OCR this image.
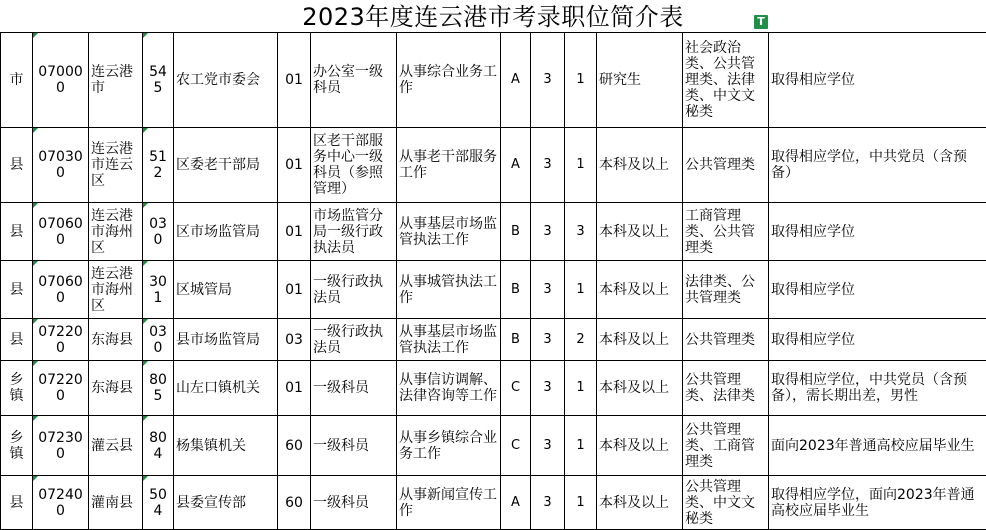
2023年度连云港市考录职位简介表	T
市	070000	连云港市	545	农工党市委会	01	办公室一级科员	从事综合业务工作	A	3	1	研究生	社会政治类、公共管理类、法律类、中文文秘类	取得相应学位
县	070300	连云港市连云区	512	区委老干部局	01	区老干部服务中心一级科员（参照管理）	从事老干部服务工作	A	3	1	本科及以上	公共管理类	取得相应学位，中共党员（含预备）
县	070600	连云港市海州区	030	区市场监管局	01	市场监管分局一级行政执法员	从事基层市场监管执法工作	B	3	3	本科及以上	工商管理类、公共管理类	取得相应学位
县	070600	连云港市海州区	301	区城管局	01	一级行政执法员	从事城管执法工作	B	3	1	本科及以上	法律类、公共管理类	取得相应学位
县	072200	东海县	030	县市场监管局	03	一级行政执法员	从事基层市场监管执法工作	B	3	2	本科及以上	公共管理类	取得相应学位
乡镇	072200	东海县	805	山左口镇机关	01	一级科员	从事信访调解、法律咨询等工作	C	3	1	本科及以上	公共管理类、法律类	取得相应学位，中共党员（含预备），需长期出差，男性
乡镇	072300	灌云县	804	杨集镇机关	60	一级科员	从事乡镇综合业务工作	C	3	1	本科及以上	公共管理类、工商管理类	面向2023年普通高校应届毕业生
县	072400	灌南县	504	县委宣传部	60	一级科员	从事新闻宣传工作	A	3	1	本科及以上	公共管理类、中文文秘类	取得相应学位，面向2023年普通高校应届毕业生
